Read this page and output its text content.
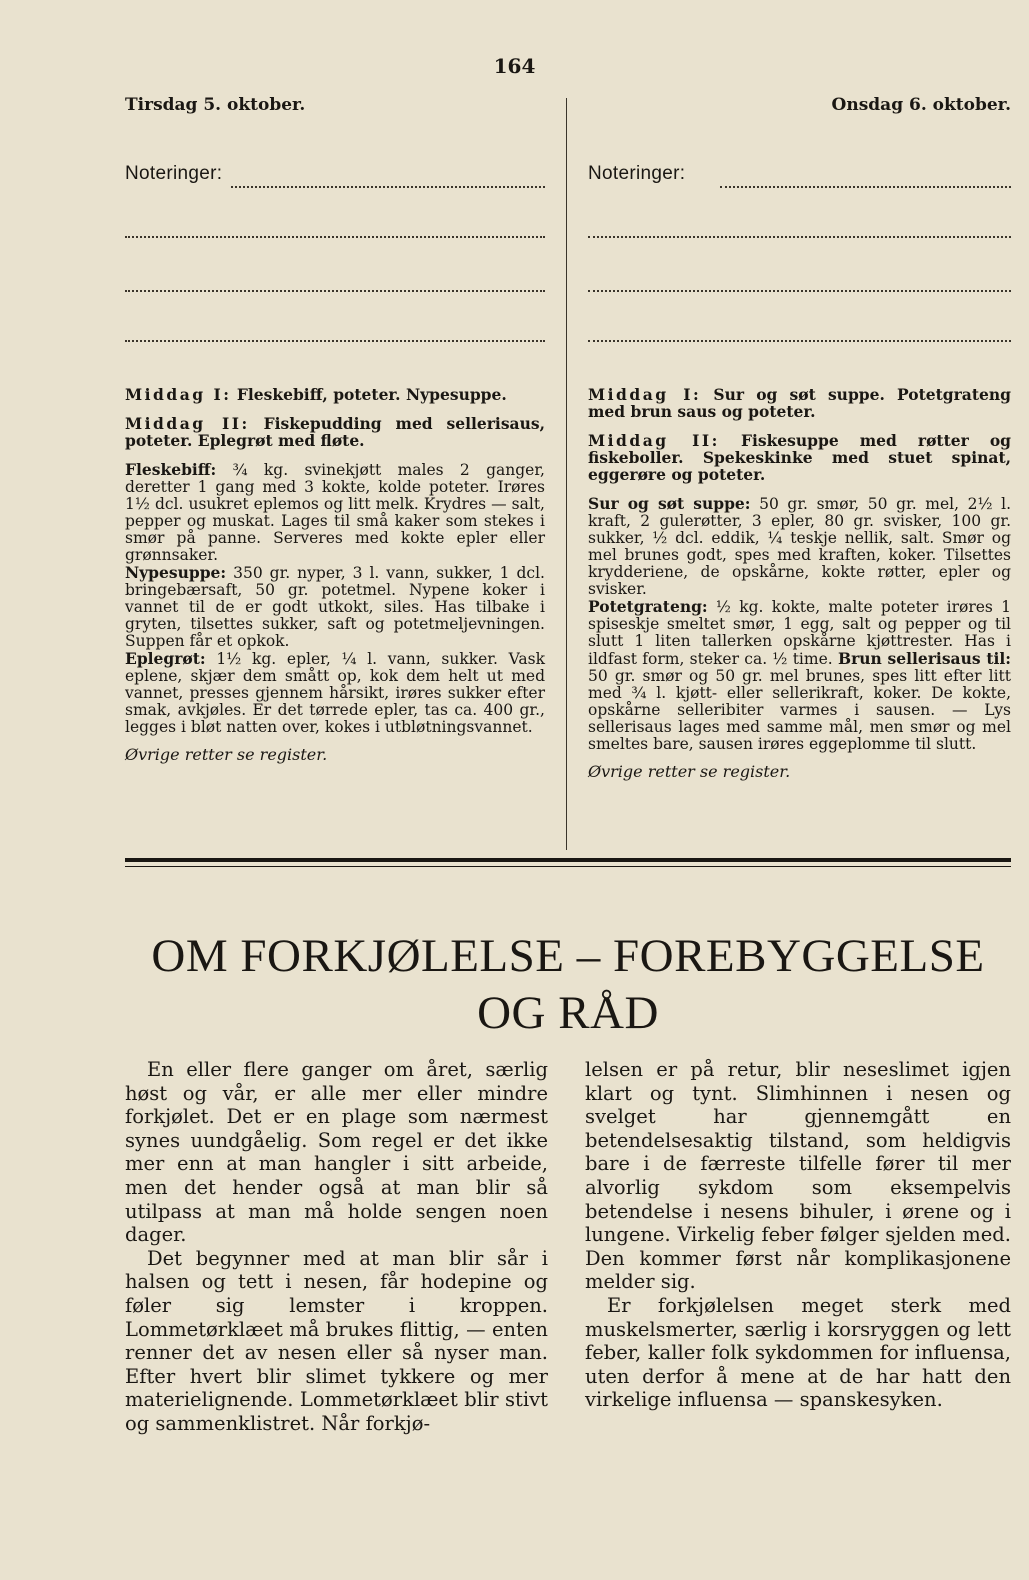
164
Tirsdag 5. oktober.	Onsdag 6. oktober.
Noteringer:	Noteringer:

Middag I: Fleskebiff, poteter. Nypesuppe.

Middag II: Fiskepudding med sellerisaus, poteter. Eplegrøt med fløte.

Fleskebiff: ¾ kg. svinekjøtt males 2 ganger, deretter 1 gang med 3 kokte, kolde poteter. Irøres 1½ dcl. usukret eplemos og litt melk. Krydres — salt, pepper og muskat. Lages til små kaker som stekes i smør på panne. Serveres med kokte epler eller grønnsaker.

Nypesuppe: 350 gr. nyper, 3 l. vann, sukker, 1 dcl. bringebærsaft, 50 gr. potetmel. Nypene koker i vannet til de er godt utkokt, siles. Has tilbake i gryten, tilsettes sukker, saft og potetmeljevningen. Suppen får et opkok.

Eplegrøt: 1½ kg. epler, ¼ l. vann, sukker. Vask eplene, skjær dem smått op, kok dem helt ut med vannet, presses gjennem hårsikt, irøres sukker efter smak, avkjøles. Er det tørrede epler, tas ca. 400 gr., legges i bløt natten over, kokes i utbløtningsvannet.

Øvrige retter se register.

Middag I: Sur og søt suppe. Potetgrateng med brun saus og poteter.

Middag II: Fiskesuppe med røtter og fiskeboller. Spekeskinke med stuet spinat, eggerøre og poteter.

Sur og søt suppe: 50 gr. smør, 50 gr. mel, 2½ l. kraft, 2 gulerøtter, 3 epler, 80 gr. svisker, 100 gr. sukker, ½ dcl. eddik, ¼ teskje nellik, salt. Smør og mel brunes godt, spes med kraften, koker. Tilsettes krydderiene, de opskårne, kokte røtter, epler og svisker.

Potetgrateng: ½ kg. kokte, malte poteter irøres 1 spiseskje smeltet smør, 1 egg, salt og pepper og til slutt 1 liten tallerken opskårne kjøttrester. Has i ildfast form, steker ca. ½ time. Brun sellerisaus til: 50 gr. smør og 50 gr. mel brunes, spes litt efter litt med ¾ l. kjøtt- eller sellerikraft, koker. De kokte, opskårne selleribiter varmes i sausen. — Lys sellerisaus lages med samme mål, men smør og mel smeltes bare, sausen irøres eggeplomme til slutt.

Øvrige retter se register.
OM FORKJØLELSE – FOREBYGGELSE
OG RÅD

En eller flere ganger om året, særlig høst og vår, er alle mer eller mindre forkjølet. Det er en plage som nærmest synes uundgåelig. Som regel er det ikke mer enn at man hangler i sitt arbeide, men det hender også at man blir så utilpass at man må holde sengen noen dager.

Det begynner med at man blir sår i halsen og tett i nesen, får hodepine og føler sig lemster i kroppen. Lommetørklæet må brukes flittig, — enten renner det av nesen eller så nyser man. Efter hvert blir slimet tykkere og mer materielignende. Lommetørklæet blir stivt og sammenklistret. Når forkjø-

lelsen er på retur, blir neseslimet igjen klart og tynt. Slimhinnen i nesen og svelget har gjennemgått en betendelsesaktig tilstand, som heldigvis bare i de færreste tilfelle fører til mer alvorlig sykdom som eksempelvis betendelse i nesens bihuler, i ørene og i lungene. Virkelig feber følger sjelden med. Den kommer først når komplikasjonene melder sig.

Er forkjølelsen meget sterk med muskelsmerter, særlig i korsryggen og lett feber, kaller folk sykdommen for influensa, uten derfor å mene at de har hatt den virkelige influensa — spanskesyken.
